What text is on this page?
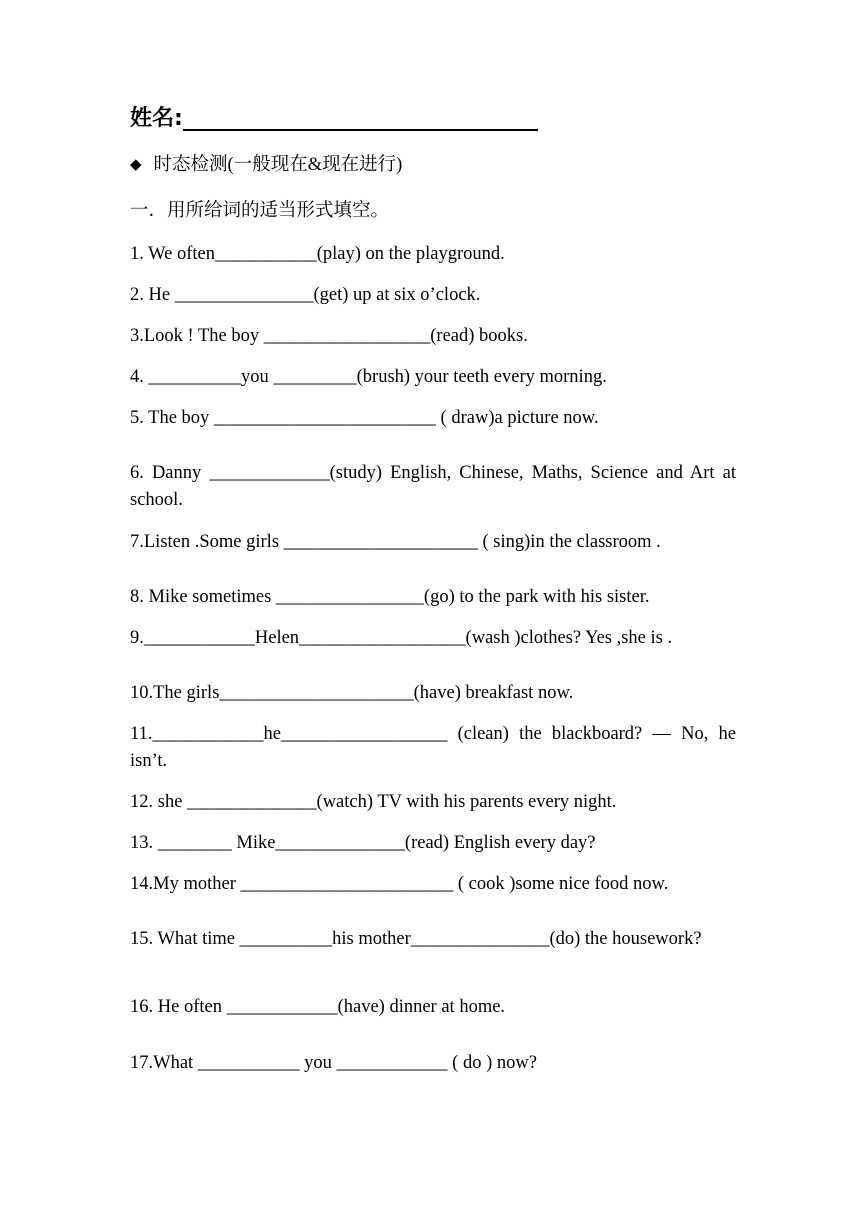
姓名:
◆ 时态检测(一般现在&现在进行)
一．用所给词的适当形式填空。
1. We often___________(play) on the playground.
2. He _______________(get) up at six o’clock.
3.Look ! The boy __________________(read) books.
4. __________you _________(brush) your teeth every morning.
5. The boy ________________________ ( draw)a picture now.
6. Danny _____________(study) English, Chinese, Maths, Science and Art at school.
7.Listen .Some girls _____________________ ( sing)in the classroom .
8. Mike sometimes ________________(go) to the park with his sister.
9.____________Helen__________________(wash )clothes? Yes ,she is .
10.The girls_____________________(have) breakfast now.
11.____________he__________________ (clean) the blackboard? — No, he isn’t.
12. she ______________(watch) TV with his parents every night.
13. ________ Mike______________(read) English every day?
14.My mother _______________________ ( cook )some nice food now.
15. What time __________his mother_______________(do) the housework?
16. He often ____________(have) dinner at home.
17.What ___________ you ____________ ( do ) now?
